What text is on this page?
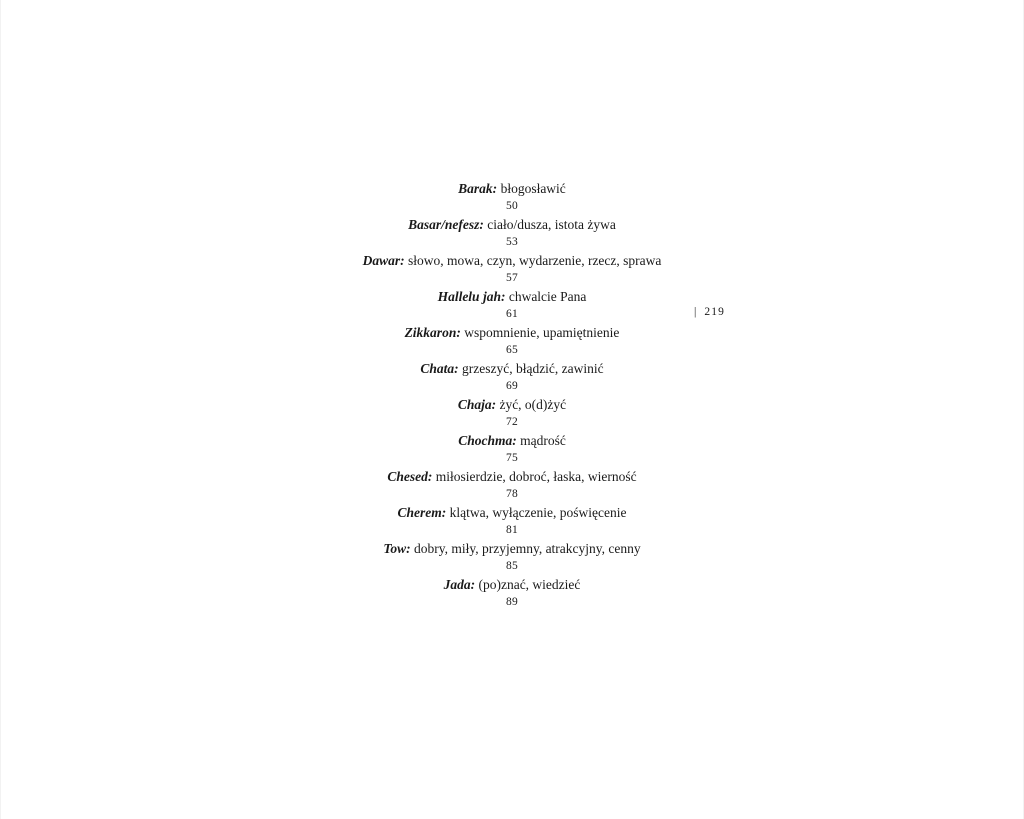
Barak: błogosławić
50
Basar/nefesz: ciało/dusza, istota żywa
53
Dawar: słowo, mowa, czyn, wydarzenie, rzecz, sprawa
57
Hallelu jah: chwalcie Pana
61
Zikkaron: wspomnienie, upamiętnienie
65
Chata: grzeszyć, błądzić, zawinić
69
Chaja: żyć, o(d)żyć
72
Chochma: mądrość
75
Chesed: miłosierdzie, dobroć, łaska, wierność
78
Cherem: klątwa, wyłączenie, poświęcenie
81
Tow: dobry, miły, przyjemny, atrakcyjny, cenny
85
Jada: (po)znać, wiedzieć
89
| 219
